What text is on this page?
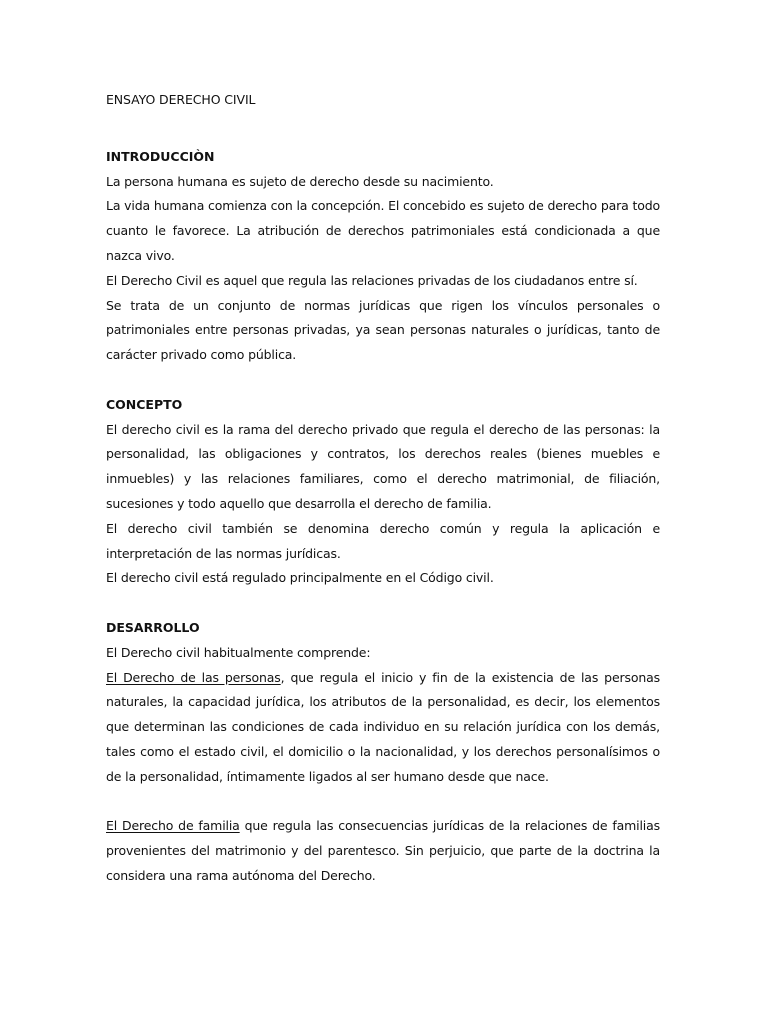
ENSAYO DERECHO CIVIL
INTRODUCCIÒN

La persona humana es sujeto de derecho desde su nacimiento.

La vida humana comienza con la concepción. El concebido es sujeto de derecho para todo cuanto le favorece. La atribución de derechos patrimoniales está condicionada a que nazca vivo.

El Derecho Civil es aquel que regula las relaciones privadas de los ciudadanos entre sí.

Se trata de un conjunto de normas jurídicas que rigen los vínculos personales o patrimoniales entre personas privadas, ya sean personas naturales o jurídicas, tanto de carácter privado como pública.

CONCEPTO

El derecho civil es la rama del derecho privado que regula el derecho de las personas: la personalidad, las obligaciones y contratos, los derechos reales (bienes muebles e inmuebles) y las relaciones familiares, como el derecho matrimonial, de filiación, sucesiones y todo aquello que desarrolla el derecho de familia.

El derecho civil también se denomina derecho común y regula la aplicación e interpretación de las normas jurídicas.

El derecho civil está regulado principalmente en el Código civil.

DESARROLLO

El Derecho civil habitualmente comprende:

El Derecho de las personas, que regula el inicio y fin de la existencia de las personas naturales, la capacidad jurídica, los atributos de la personalidad, es decir, los elementos que determinan las condiciones de cada individuo en su relación jurídica con los demás, tales como el estado civil, el domicilio o la nacionalidad, y los derechos personalísimos o de la personalidad, íntimamente ligados al ser humano desde que nace.

El Derecho de familia que regula las consecuencias jurídicas de la relaciones de familias provenientes del matrimonio y del parentesco. Sin perjuicio, que parte de la doctrina la considera una rama autónoma del Derecho.
